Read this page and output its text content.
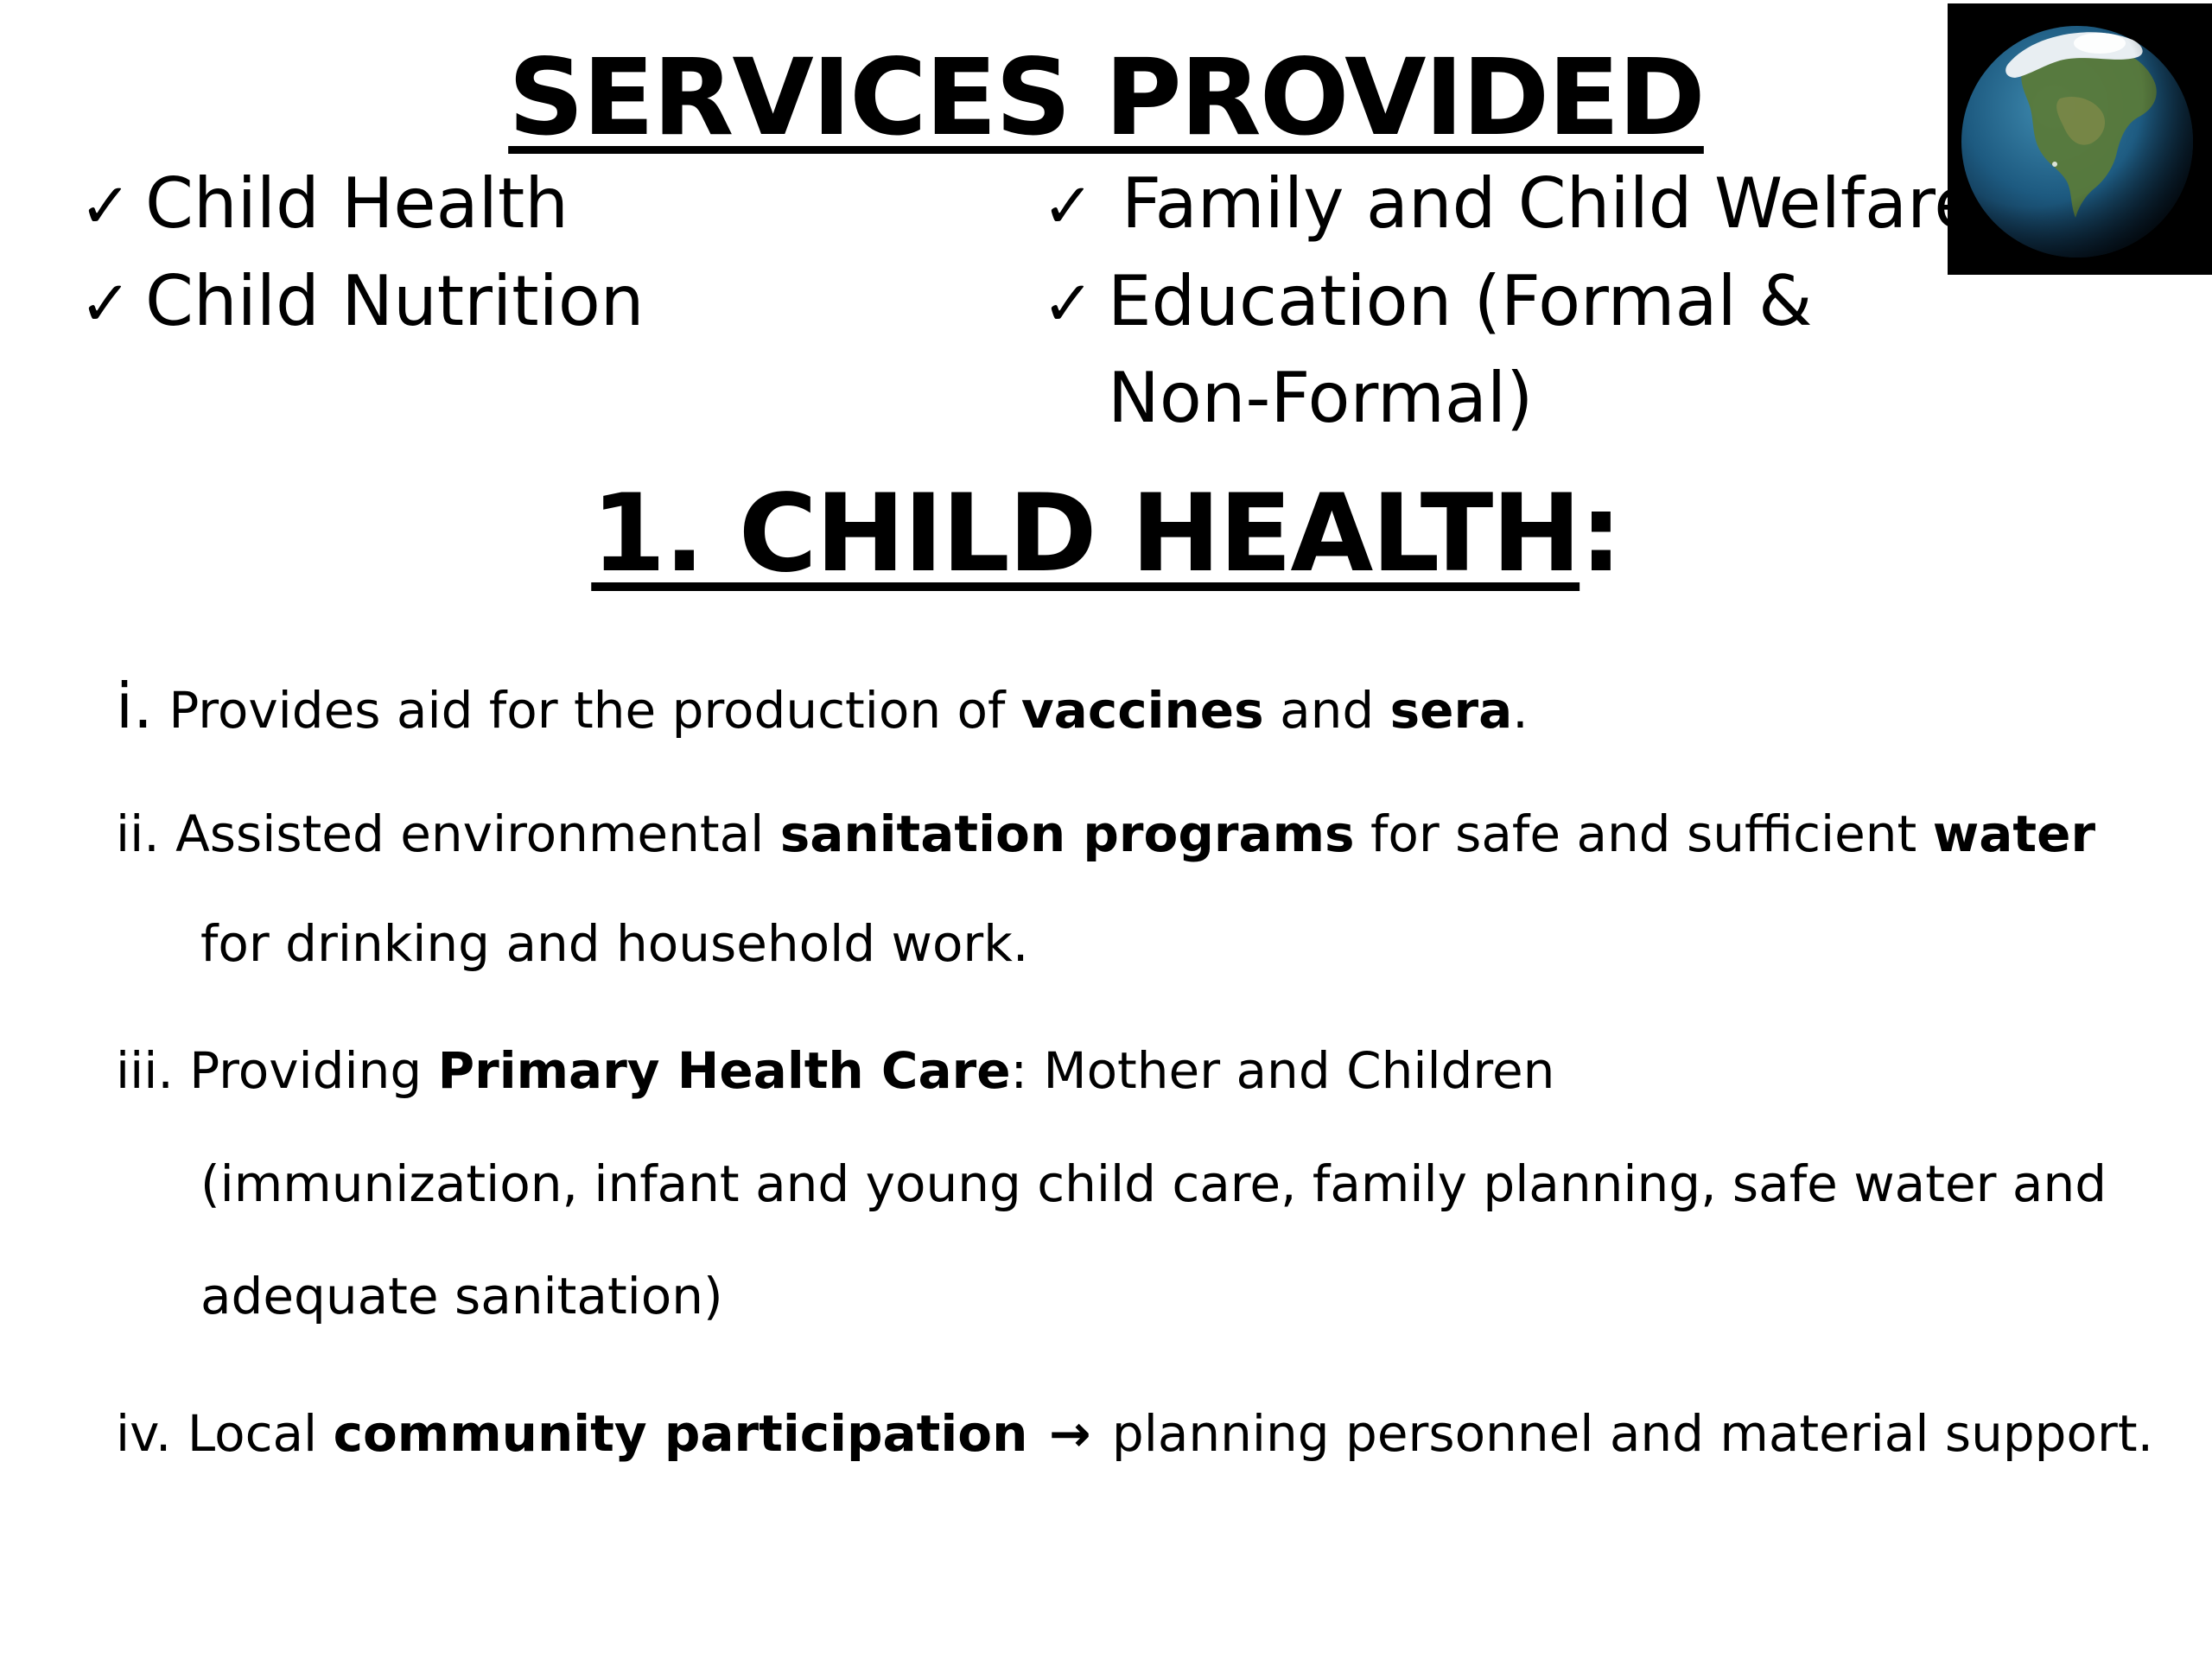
SERVICES PROVIDED
✓ Child Health
✓ Child Nutrition
✓ Family and Child Welfare
✓ Education (Formal & Non-Formal)
1. CHILD HEALTH:
i. Provides aid for the production of vaccines and sera.
ii. Assisted environmental sanitation programs for safe and sufficient water
for drinking and household work.
iii. Providing Primary Health Care: Mother and Children
(immunization, infant and young child care, family planning, safe water and
adequate sanitation)
iv. Local community participation → planning personnel and material support.
